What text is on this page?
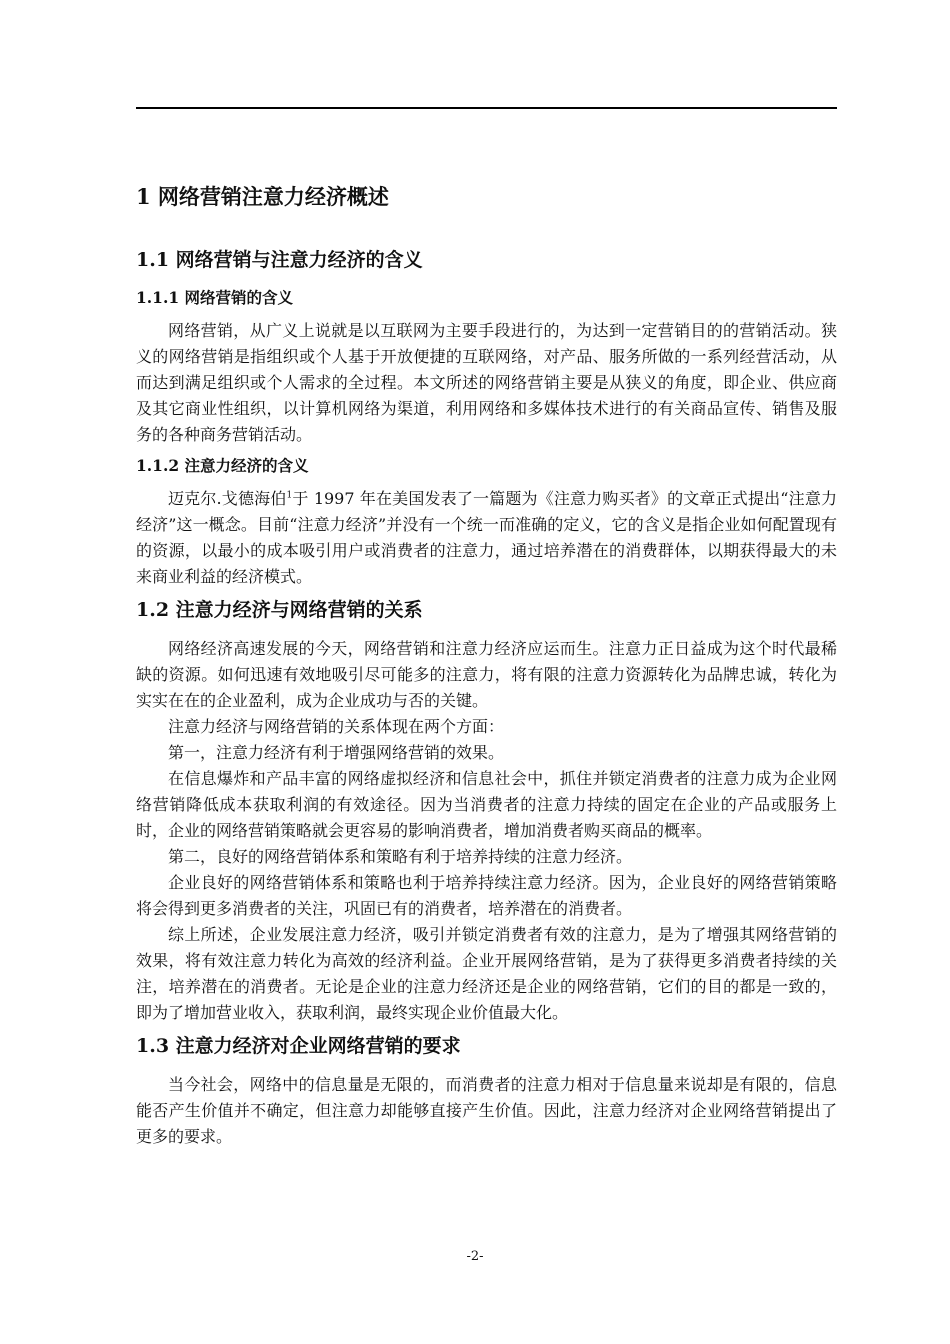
1 网络营销注意力经济概述
1.1 网络营销与注意力经济的含义
1.1.1 网络营销的含义

网络营销，从广义上说就是以互联网为主要手段进行的，为达到一定营销目的的营销活动。狭义的网络营销是指组织或个人基于开放便捷的互联网络，对产品、服务所做的一系列经营活动，从而达到满足组织或个人需求的全过程。本文所述的网络营销主要是从狭义的角度，即企业、供应商及其它商业性组织，以计算机网络为渠道，利用网络和多媒体技术进行的有关商品宣传、销售及服务的各种商务营销活动。

1.1.2 注意力经济的含义

迈克尔.戈德海伯$^1$于 1997 年在美国发表了一篇题为《注意力购买者》的文章正式提出“注意力经济”这一概念。目前“注意力经济”并没有一个统一而准确的定义，它的含义是指企业如何配置现有的资源，以最小的成本吸引用户或消费者的注意力，通过培养潜在的消费群体，以期获得最大的未来商业利益的经济模式。

1.2 注意力经济与网络营销的关系

网络经济高速发展的今天，网络营销和注意力经济应运而生。注意力正日益成为这个时代最稀缺的资源。如何迅速有效地吸引尽可能多的注意力，将有限的注意力资源转化为品牌忠诚，转化为实实在在的企业盈利，成为企业成功与否的关键。

注意力经济与网络营销的关系体现在两个方面：

第一，注意力经济有利于增强网络营销的效果。

在信息爆炸和产品丰富的网络虚拟经济和信息社会中，抓住并锁定消费者的注意力成为企业网络营销降低成本获取利润的有效途径。因为当消费者的注意力持续的固定在企业的产品或服务上时，企业的网络营销策略就会更容易的影响消费者，增加消费者购买商品的概率。

第二，良好的网络营销体系和策略有利于培养持续的注意力经济。

企业良好的网络营销体系和策略也利于培养持续注意力经济。因为，企业良好的网络营销策略将会得到更多消费者的关注，巩固已有的消费者，培养潜在的消费者。

综上所述，企业发展注意力经济，吸引并锁定消费者有效的注意力，是为了增强其网络营销的效果，将有效注意力转化为高效的经济利益。企业开展网络营销，是为了获得更多消费者持续的关注，培养潜在的消费者。无论是企业的注意力经济还是企业的网络营销，它们的目的都是一致的，即为了增加营业收入，获取利润，最终实现企业价值最大化。

1.3 注意力经济对企业网络营销的要求

当今社会，网络中的信息量是无限的，而消费者的注意力相对于信息量来说却是有限的，信息能否产生价值并不确定，但注意力却能够直接产生价值。因此，注意力经济对企业网络营销提出了更多的要求。

-2-
